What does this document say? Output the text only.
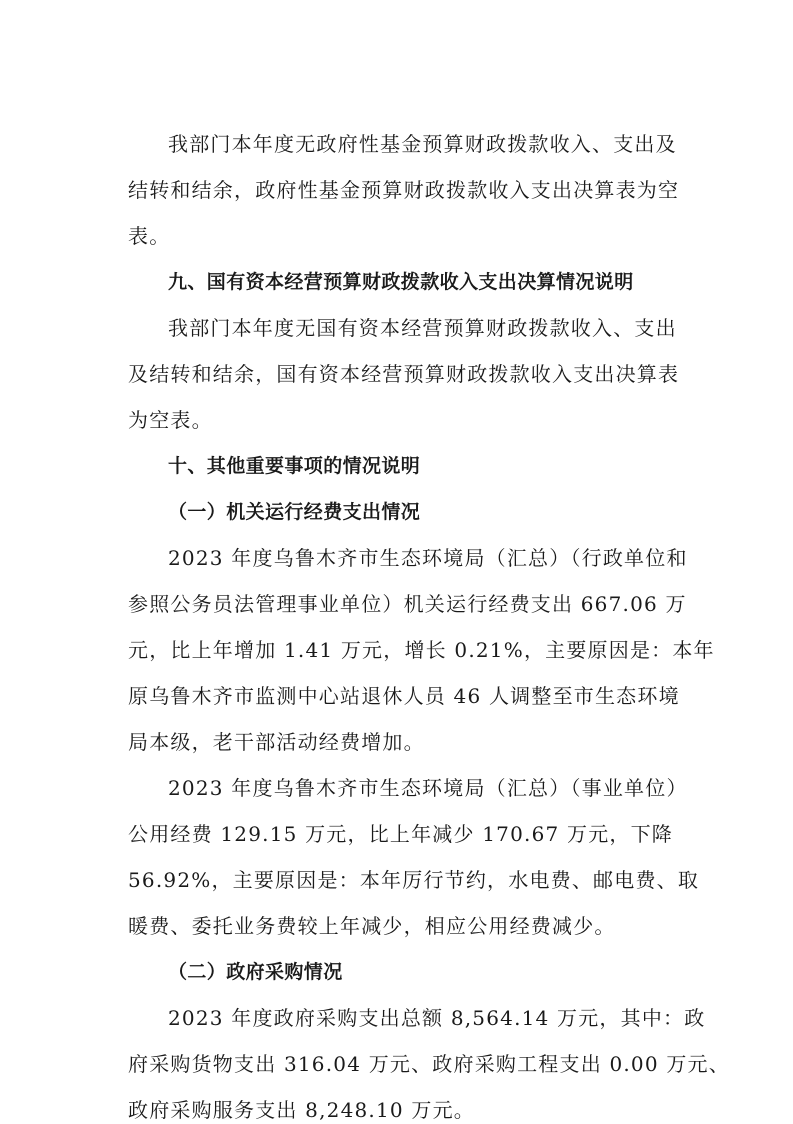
我部门本年度无政府性基金预算财政拨款收入、支出及
结转和结余，政府性基金预算财政拨款收入支出决算表为空
表。
九、国有资本经营预算财政拨款收入支出决算情况说明
我部门本年度无国有资本经营预算财政拨款收入、支出
及结转和结余，国有资本经营预算财政拨款收入支出决算表
为空表。
十、其他重要事项的情况说明
（一）机关运行经费支出情况
2023 年度乌鲁木齐市生态环境局（汇总）（行政单位和
参照公务员法管理事业单位）机关运行经费支出 667.06 万
元，比上年增加 1.41 万元，增长 0.21%，主要原因是：本年
原乌鲁木齐市监测中心站退休人员 46 人调整至市生态环境
局本级，老干部活动经费增加。
2023 年度乌鲁木齐市生态环境局（汇总）（事业单位）
公用经费 129.15 万元，比上年减少 170.67 万元，下降
56.92%，主要原因是：本年厉行节约，水电费、邮电费、取
暖费、委托业务费较上年减少，相应公用经费减少。
（二）政府采购情况
2023 年度政府采购支出总额 8,564.14 万元，其中：政
府采购货物支出 316.04 万元、政府采购工程支出 0.00 万元、
政府采购服务支出 8,248.10 万元。
